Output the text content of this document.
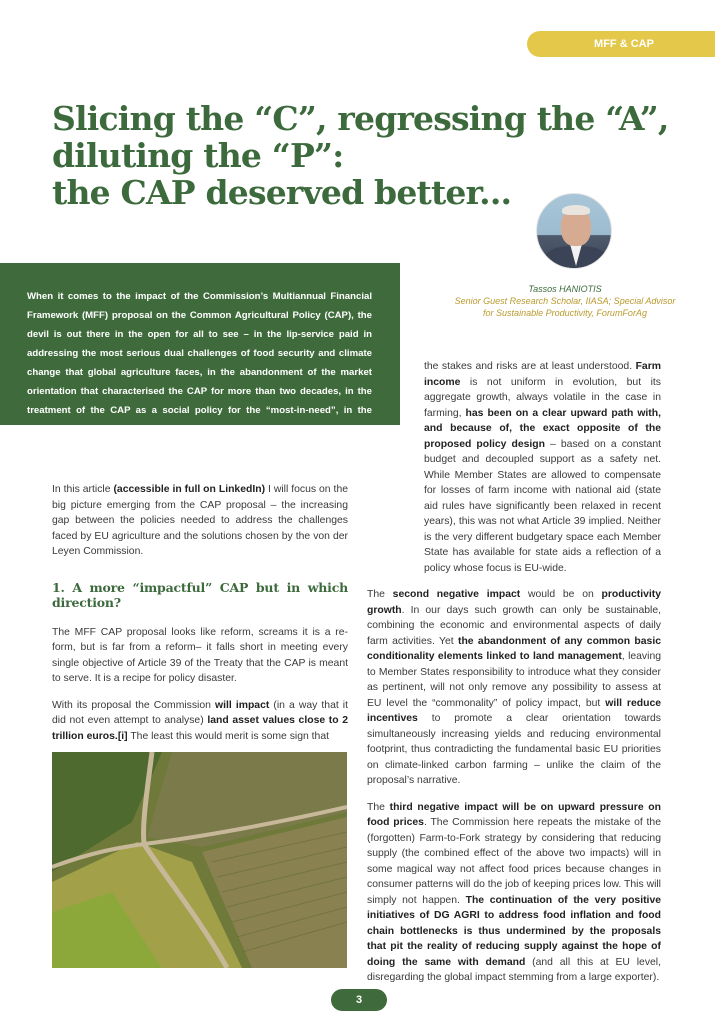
MFF & CAP
Slicing the “C”, regressing the “A”,
diluting the “P”:
the CAP deserved better...
Tassos HANIOTIS
Senior Guest Research Scholar, IIASA; Special Advisor
for Sustainable Productivity, ForumForAg
When it comes to the impact of the Commission’s Multiannual Financial Framework (MFF) proposal on the Common Agricultural Policy (CAP), the devil is out there in the open for all to see – in the lip-service paid in addressing the most serious dual challenges of food security and climate change that global agriculture faces, in the abandonment of the market orientation that characterised the CAP for more than two decades, in the treatment of the CAP as a social policy for the “most-in-need”, in the absence of any analysis accompanying the proposal; the list could go on...

In this article (accessible in full on LinkedIn) I will focus on the big picture emerging from the CAP proposal – the increasing gap between the policies needed to address the challenges faced by EU agriculture and the solutions chosen by the von der Leyen Commission.

1. A more “impactful” CAP but in which direction?

The MFF CAP proposal looks like reform, screams it is a re-form, but is far from a reform– it falls short in meeting every single objective of Article 39 of the Treaty that the CAP is meant to serve. It is a recipe for policy disaster.

With its proposal the Commission will impact (in a way that it did not even attempt to analyse) land asset values close to 2 trillion euros.[i] The least this would merit is some sign that

the stakes and risks are at least understood. Farm income is not uniform in evolution, but its aggregate growth, always volatile in the case in farming, has been on a clear upward path with, and because of, the exact opposite of the proposed policy design – based on a constant budget and decoupled support as a safety net. While Member States are allowed to compensate for losses of farm income with national aid (state aid rules have significantly been relaxed in recent years), this was not what Article 39 implied. Neither is the very different budgetary space each Member State has available for state aids a reflection of a policy whose focus is EU-wide.

The second negative impact would be on productivity growth. In our days such growth can only be sustainable, combining the economic and environmental aspects of daily farm activities. Yet the abandonment of any common basic conditionality elements linked to land management, leaving to Member States responsibility to introduce what they consider as pertinent, will not only remove any possibility to assess at EU level the “commonality” of policy impact, but will reduce incentives to promote a clear orientation towards simultaneously increasing yields and reducing environmental footprint, thus contradicting the fundamental basic EU priorities on climate-linked carbon farming – unlike the claim of the proposal’s narrative.

The third negative impact will be on upward pressure on food prices. The Commission here repeats the mistake of the (forgotten) Farm-to-Fork strategy by considering that reducing supply (the combined effect of the above two impacts) will in some magical way not affect food prices because changes in consumer patterns will do the job of keeping prices low. This will simply not happen. The continuation of the very positive initiatives of DG AGRI to address food inflation and food chain bottlenecks is thus undermined by the proposals that pit the reality of reducing supply against the hope of doing the same with demand (and all this at EU level, disregarding the global impact stemming from a large exporter).

3
